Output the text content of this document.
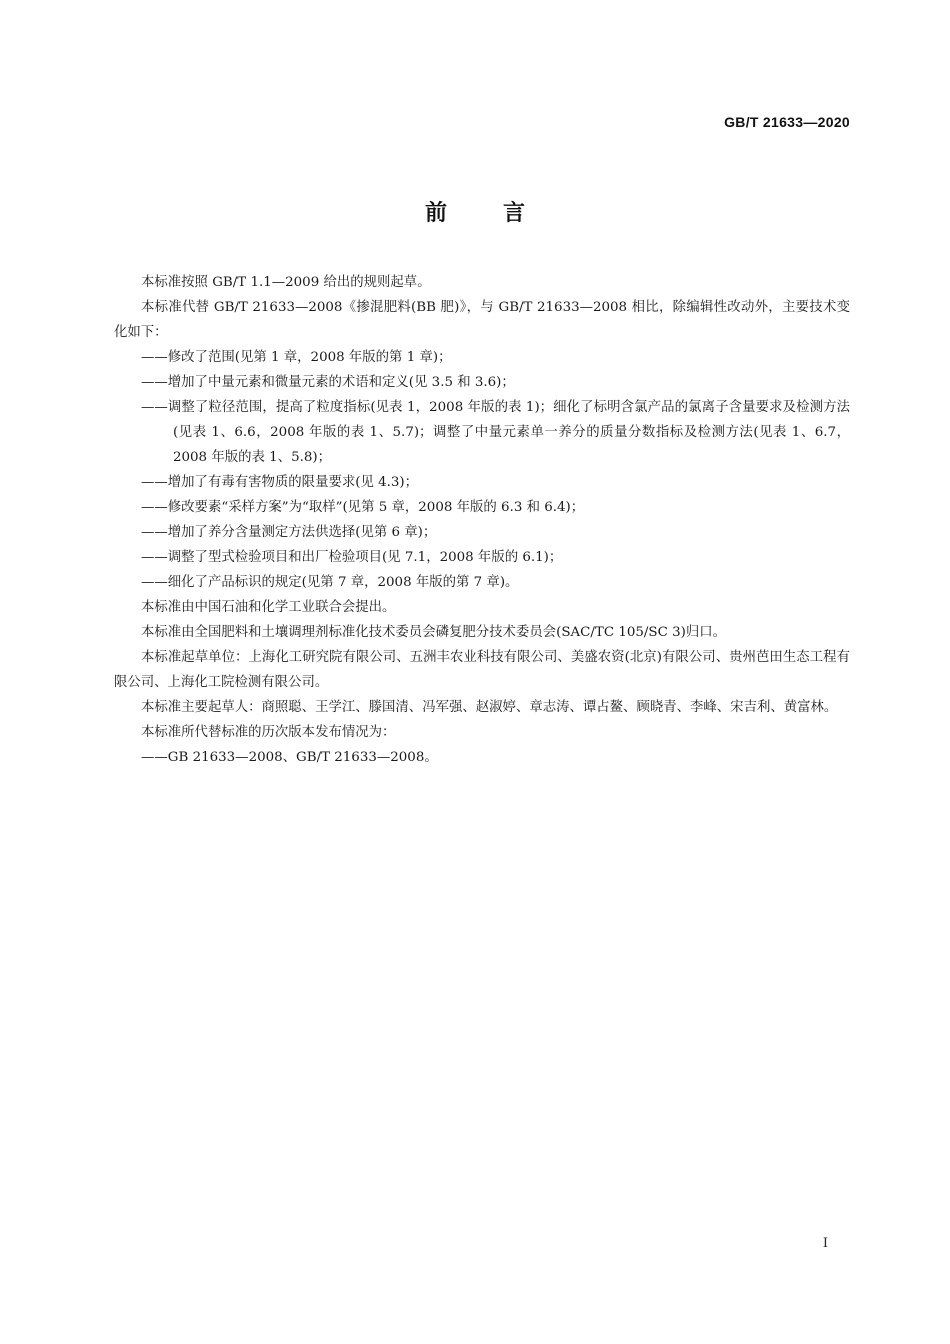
GB/T 21633—2020
前言

本标准按照 GB/T 1.1—2009 给出的规则起草。

本标准代替 GB/T 21633—2008《掺混肥料(BB 肥)》，与 GB/T 21633—2008 相比，除编辑性改动外，主要技术变化如下：

——修改了范围(见第 1 章，2008 年版的第 1 章)；

——增加了中量元素和微量元素的术语和定义(见 3.5 和 3.6)；

——调整了粒径范围，提高了粒度指标(见表 1，2008 年版的表 1)；细化了标明含氯产品的氯离子含量要求及检测方法(见表 1、6.6，2008 年版的表 1、5.7)；调整了中量元素单一养分的质量分数指标及检测方法(见表 1、6.7，2008 年版的表 1、5.8)；

——增加了有毒有害物质的限量要求(见 4.3)；

——修改要素“采样方案”为“取样”(见第 5 章，2008 年版的 6.3 和 6.4)；

——增加了养分含量测定方法供选择(见第 6 章)；

——调整了型式检验项目和出厂检验项目(见 7.1，2008 年版的 6.1)；

——细化了产品标识的规定(见第 7 章，2008 年版的第 7 章)。

本标准由中国石油和化学工业联合会提出。

本标准由全国肥料和土壤调理剂标准化技术委员会磷复肥分技术委员会(SAC/TC 105/SC 3)归口。

本标准起草单位：上海化工研究院有限公司、五洲丰农业科技有限公司、美盛农资(北京)有限公司、贵州芭田生态工程有限公司、上海化工院检测有限公司。

本标准主要起草人：商照聪、王学江、滕国清、冯军强、赵淑婷、章志涛、谭占鳌、顾晓青、李峰、宋吉利、黄富林。

本标准所代替标准的历次版本发布情况为：

——GB 21633—2008、GB/T 21633—2008。

I
